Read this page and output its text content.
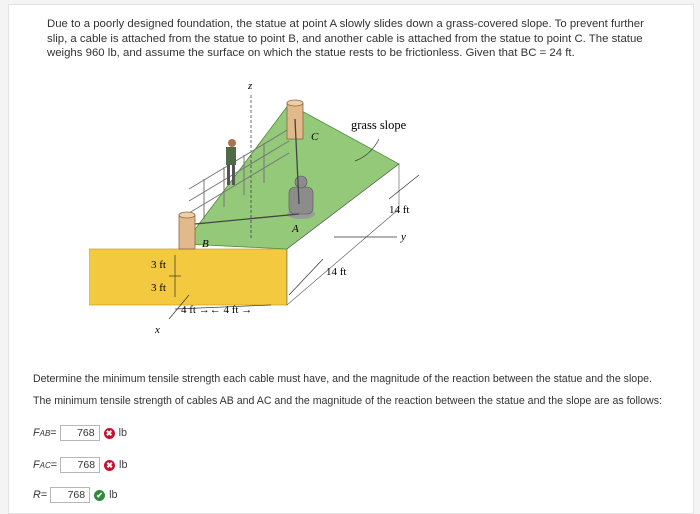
Due to a poorly designed foundation, the statue at point A slowly slides down a grass-covered slope. To prevent further
slip, a cable is attached from the statue to point B, and another cable is attached from the statue to point C. The statue
weighs 960 lb, and assume the surface on which the statue rests to be frictionless. Given that BC = 24 ft.
z
y
x
A
B
C
grass slope
14 ft
14 ft
3 ft
3 ft
4 ft →← 4 ft →
Determine the minimum tensile strength each cable must have, and the magnitude of the reaction between the statue and the slope.
The minimum tensile strength of cables AB and AC and the magnitude of the reaction between the statue and the slope are as follows:
F AB =	768	✖ lb
F AC =	768	✖ lb
R =	768	✔ lb
